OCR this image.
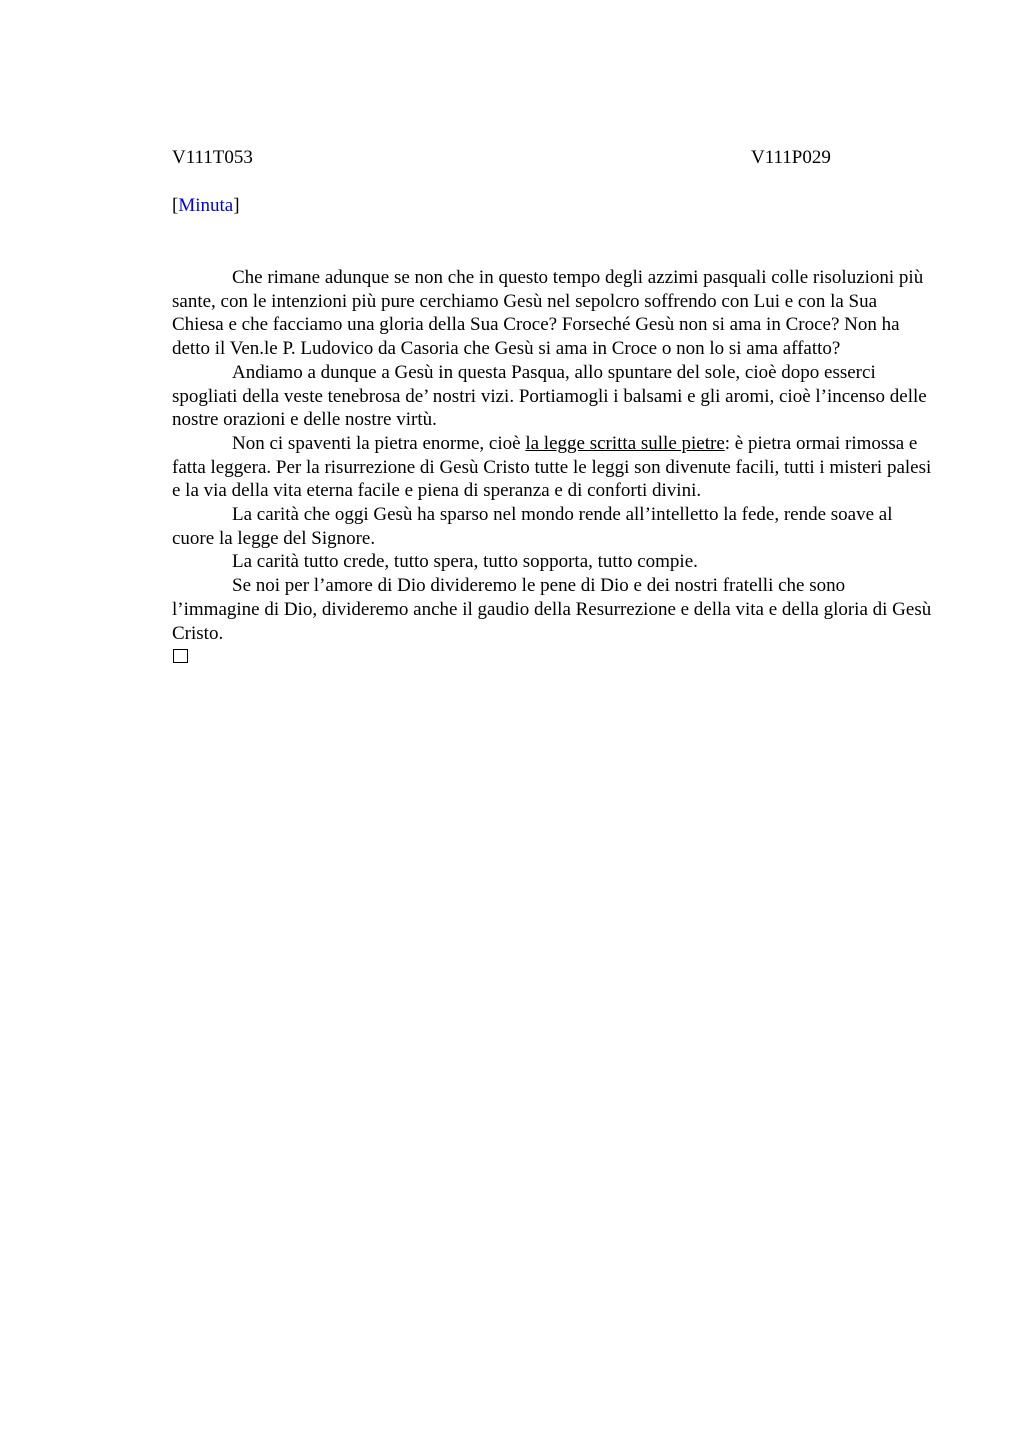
V111T053	V111P029
[Minuta]

Che rimane adunque se non che in questo tempo degli azzimi pasquali colle risoluzioni più sante, con le intenzioni più pure cerchiamo Gesù nel sepolcro soffrendo con Lui e con la Sua Chiesa e che facciamo una gloria della Sua Croce? Forseché Gesù non si ama in Croce? Non ha detto il Ven.le P. Ludovico da Casoria che Gesù si ama in Croce o non lo si ama affatto?

Andiamo a dunque a Gesù in questa Pasqua, allo spuntare del sole, cioè dopo esserci spogliati della veste tenebrosa de’ nostri vizi. Portiamogli i balsami e gli aromi, cioè l’incenso delle nostre orazioni e delle nostre virtù.

Non ci spaventi la pietra enorme, cioè la legge scritta sulle pietre: è pietra ormai rimossa e fatta leggera. Per la risurrezione di Gesù Cristo tutte le leggi son divenute facili, tutti i misteri palesi e la via della vita eterna facile e piena di speranza e di conforti divini.

La carità che oggi Gesù ha sparso nel mondo rende all’intelletto la fede, rende soave al cuore la legge del Signore.

La carità tutto crede, tutto spera, tutto sopporta, tutto compie.

Se noi per l’amore di Dio divideremo le pene di Dio e dei nostri fratelli che sono l’immagine di Dio, divideremo anche il gaudio della Resurrezione e della vita e della gloria di Gesù Cristo.
